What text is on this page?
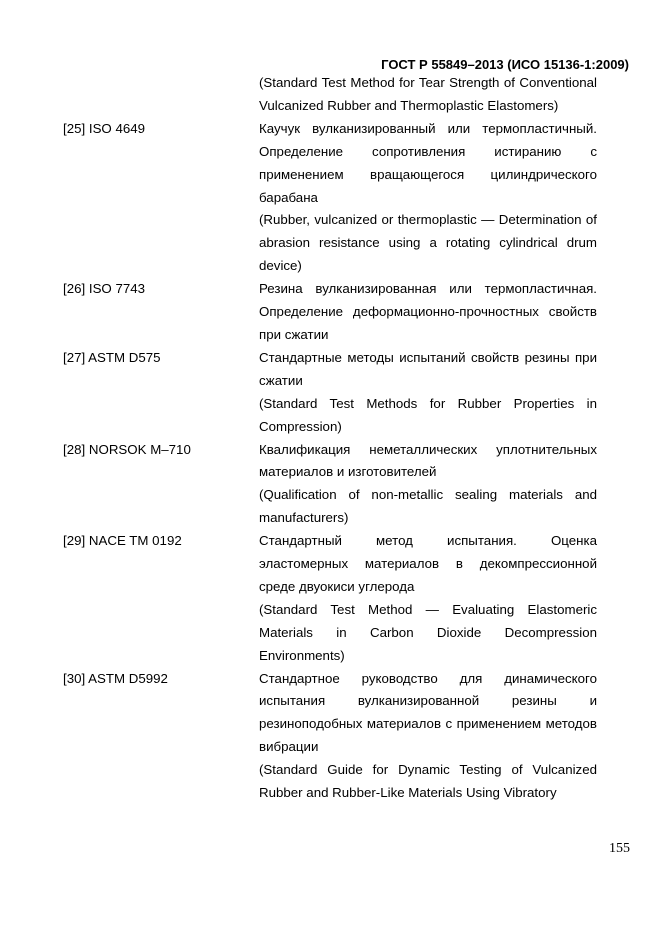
ГОСТ Р 55849–2013 (ИСО 15136-1:2009)

(Standard Test Method for Tear Strength of Conventional Vulcanized Rubber and Thermoplastic Elastomers)

[25] ISO 4649	Каучук вулканизированный или термопластичный. Определение сопротивления истиранию с применением вращающегося цилиндрического барабана

(Rubber, vulcanized or thermoplastic — Determination of abrasion resistance using a rotating cylindrical drum device)

[26] ISO 7743	Резина вулканизированная или термопластичная. Определение деформационно-прочностных свойств при сжатии

[27] ASTM D575	Стандартные методы испытаний свойств резины при сжатии

(Standard Test Methods for Rubber Properties in Compression)

[28] NORSOK M–710	Квалификация неметаллических уплотнительных материалов и изготовителей

(Qualification of non-metallic sealing materials and manufacturers)

[29] NACE TM 0192	Стандартный метод испытания. Оценка эластомерных материалов в декомпрессионной среде двуокиси углерода

(Standard Test Method — Evaluating Elastomeric Materials in Carbon Dioxide Decompression Environments)

[30] ASTM D5992	Стандартное руководство для динамического испытания вулканизированной резины и резиноподобных материалов с применением методов вибрации

(Standard Guide for Dynamic Testing of Vulcanized Rubber and Rubber-Like Materials Using Vibratory

155
